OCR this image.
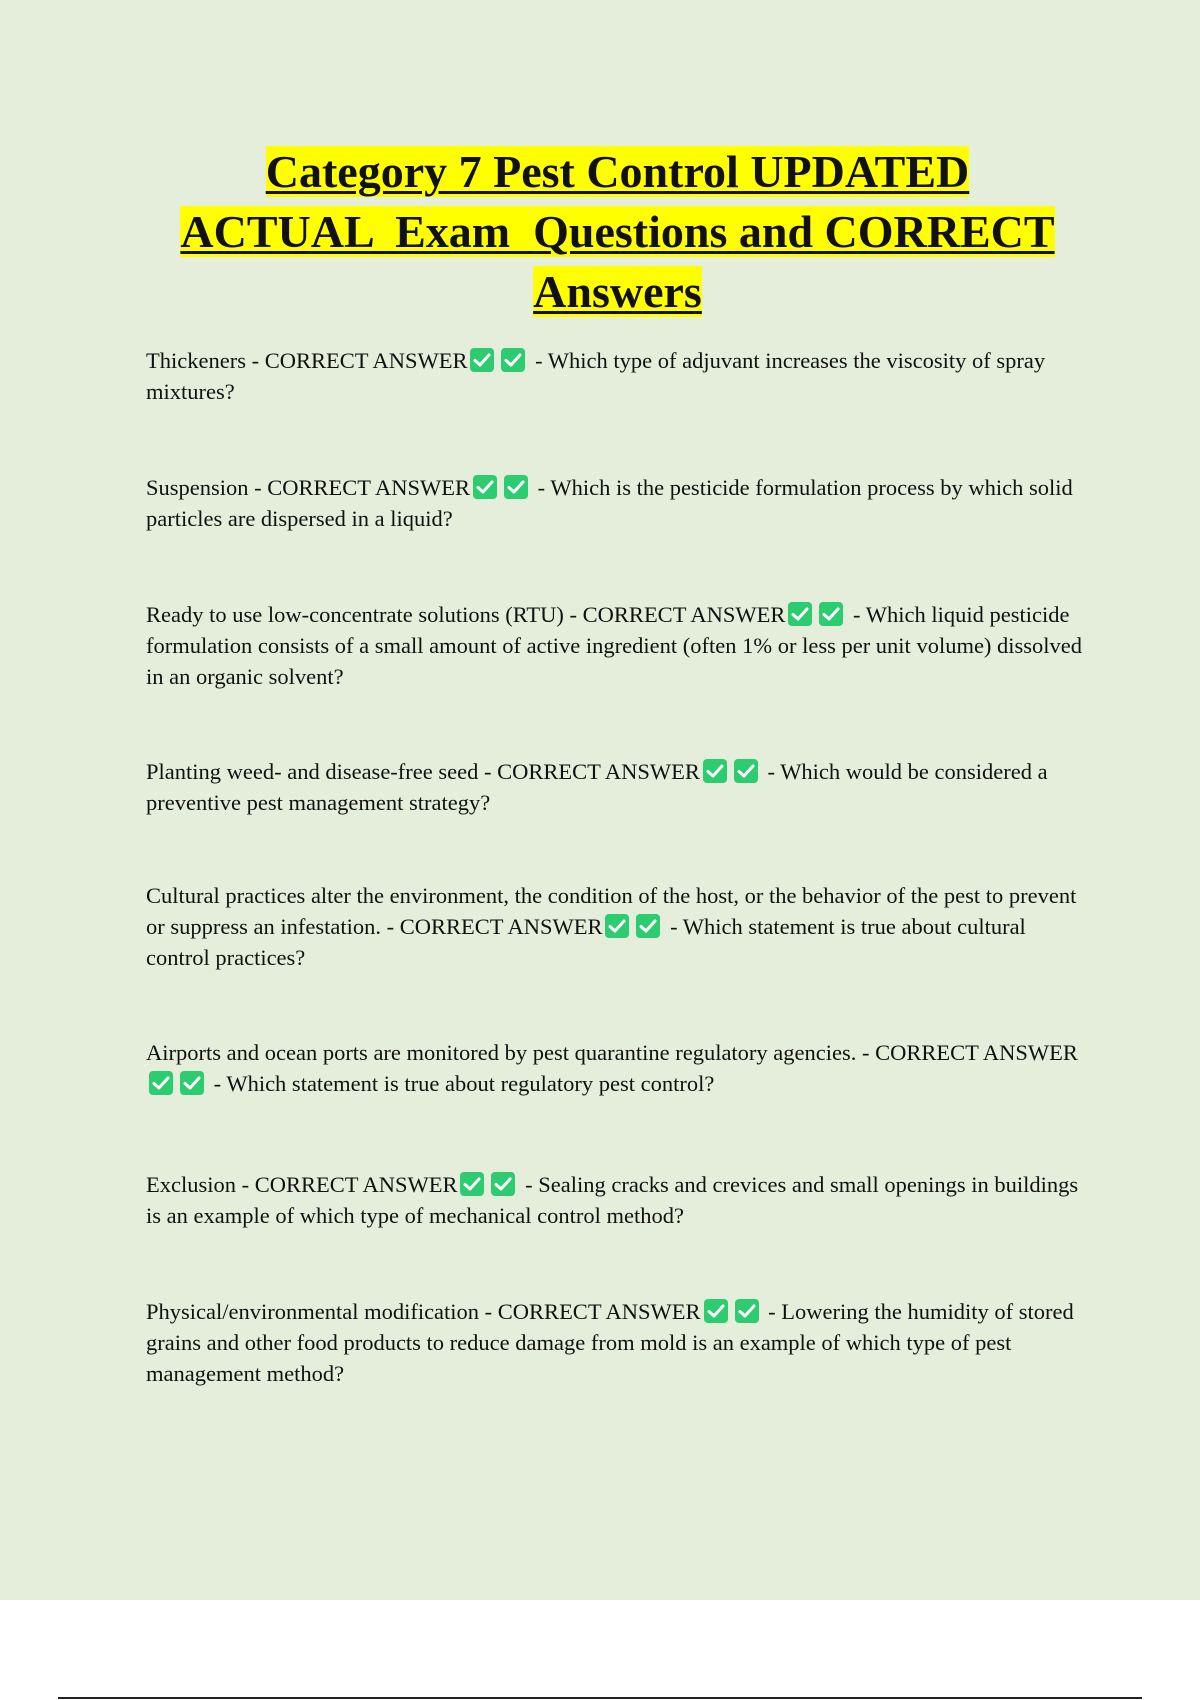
Category 7 Pest Control UPDATED
ACTUAL  Exam  Questions and CORRECT
Answers

Thickeners - CORRECT ANSWER	- Which type of adjuvant increases the viscosity of spray mixtures?

Suspension - CORRECT ANSWER	- Which is the pesticide formulation process by which solid particles are dispersed in a liquid?

Ready to use low-concentrate solutions (RTU) - CORRECT ANSWER	- Which liquid pesticide formulation consists of a small amount of active ingredient (often 1% or less per unit volume) dissolved in an organic solvent?

Planting weed- and disease-free seed - CORRECT ANSWER	- Which would be considered a preventive pest management strategy?

Cultural practices alter the environment, the condition of the host, or the behavior of the pest to prevent or suppress an infestation. - CORRECT ANSWER	- Which statement is true about cultural control practices?

Airports and ocean ports are monitored by pest quarantine regulatory agencies. - CORRECT ANSWER
- Which statement is true about regulatory pest control?

Exclusion - CORRECT ANSWER	- Sealing cracks and crevices and small openings in buildings is an example of which type of mechanical control method?

Physical/environmental modification - CORRECT ANSWER	- Lowering the humidity of stored grains and other food products to reduce damage from mold is an example of which type of pest management method?
